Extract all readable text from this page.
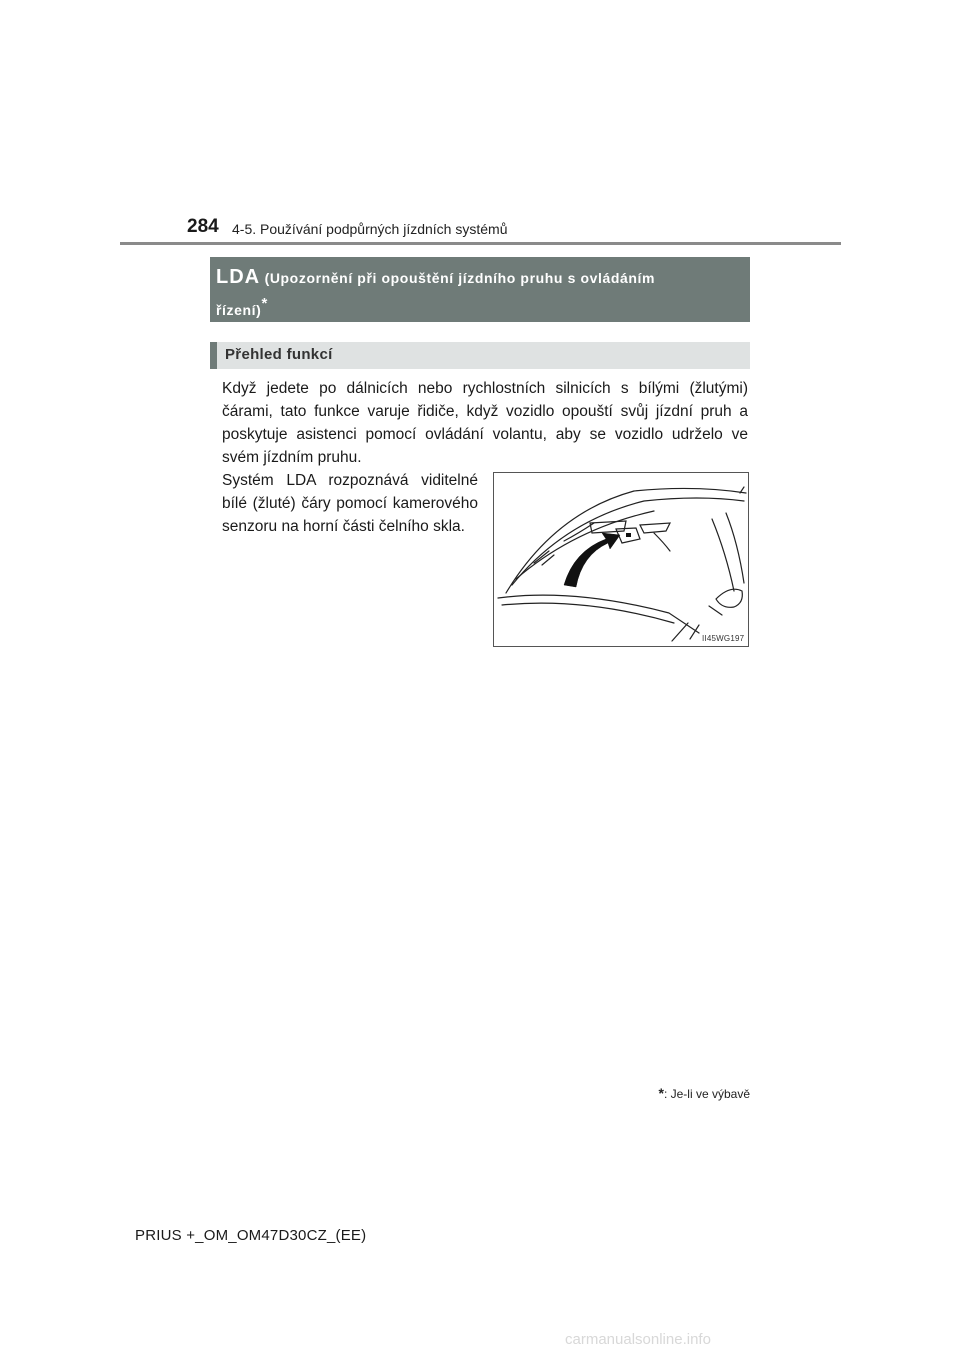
284 4-5. Používání podpůrných jízdních systémů
LDA (Upozornění při opouštění jízdního pruhu s ovládáním
řízení)*
Přehled funkcí
Když jedete po dálnicích nebo rychlostních silnicích s bílými (žlutými) čárami, tato funkce varuje řidiče, když vozidlo opouští svůj jízdní pruh a poskytuje asistenci pomocí ovládání volantu, aby se vozidlo udrželo ve svém jízdním pruhu.
Systém LDA rozpoznává viditelné bílé (žluté) čáry pomocí kamerového senzoru na horní části čelního skla.
II45WG197
*: Je-li ve výbavě
PRIUS +_OM_OM47D30CZ_(EE)
carmanualsonline.info
